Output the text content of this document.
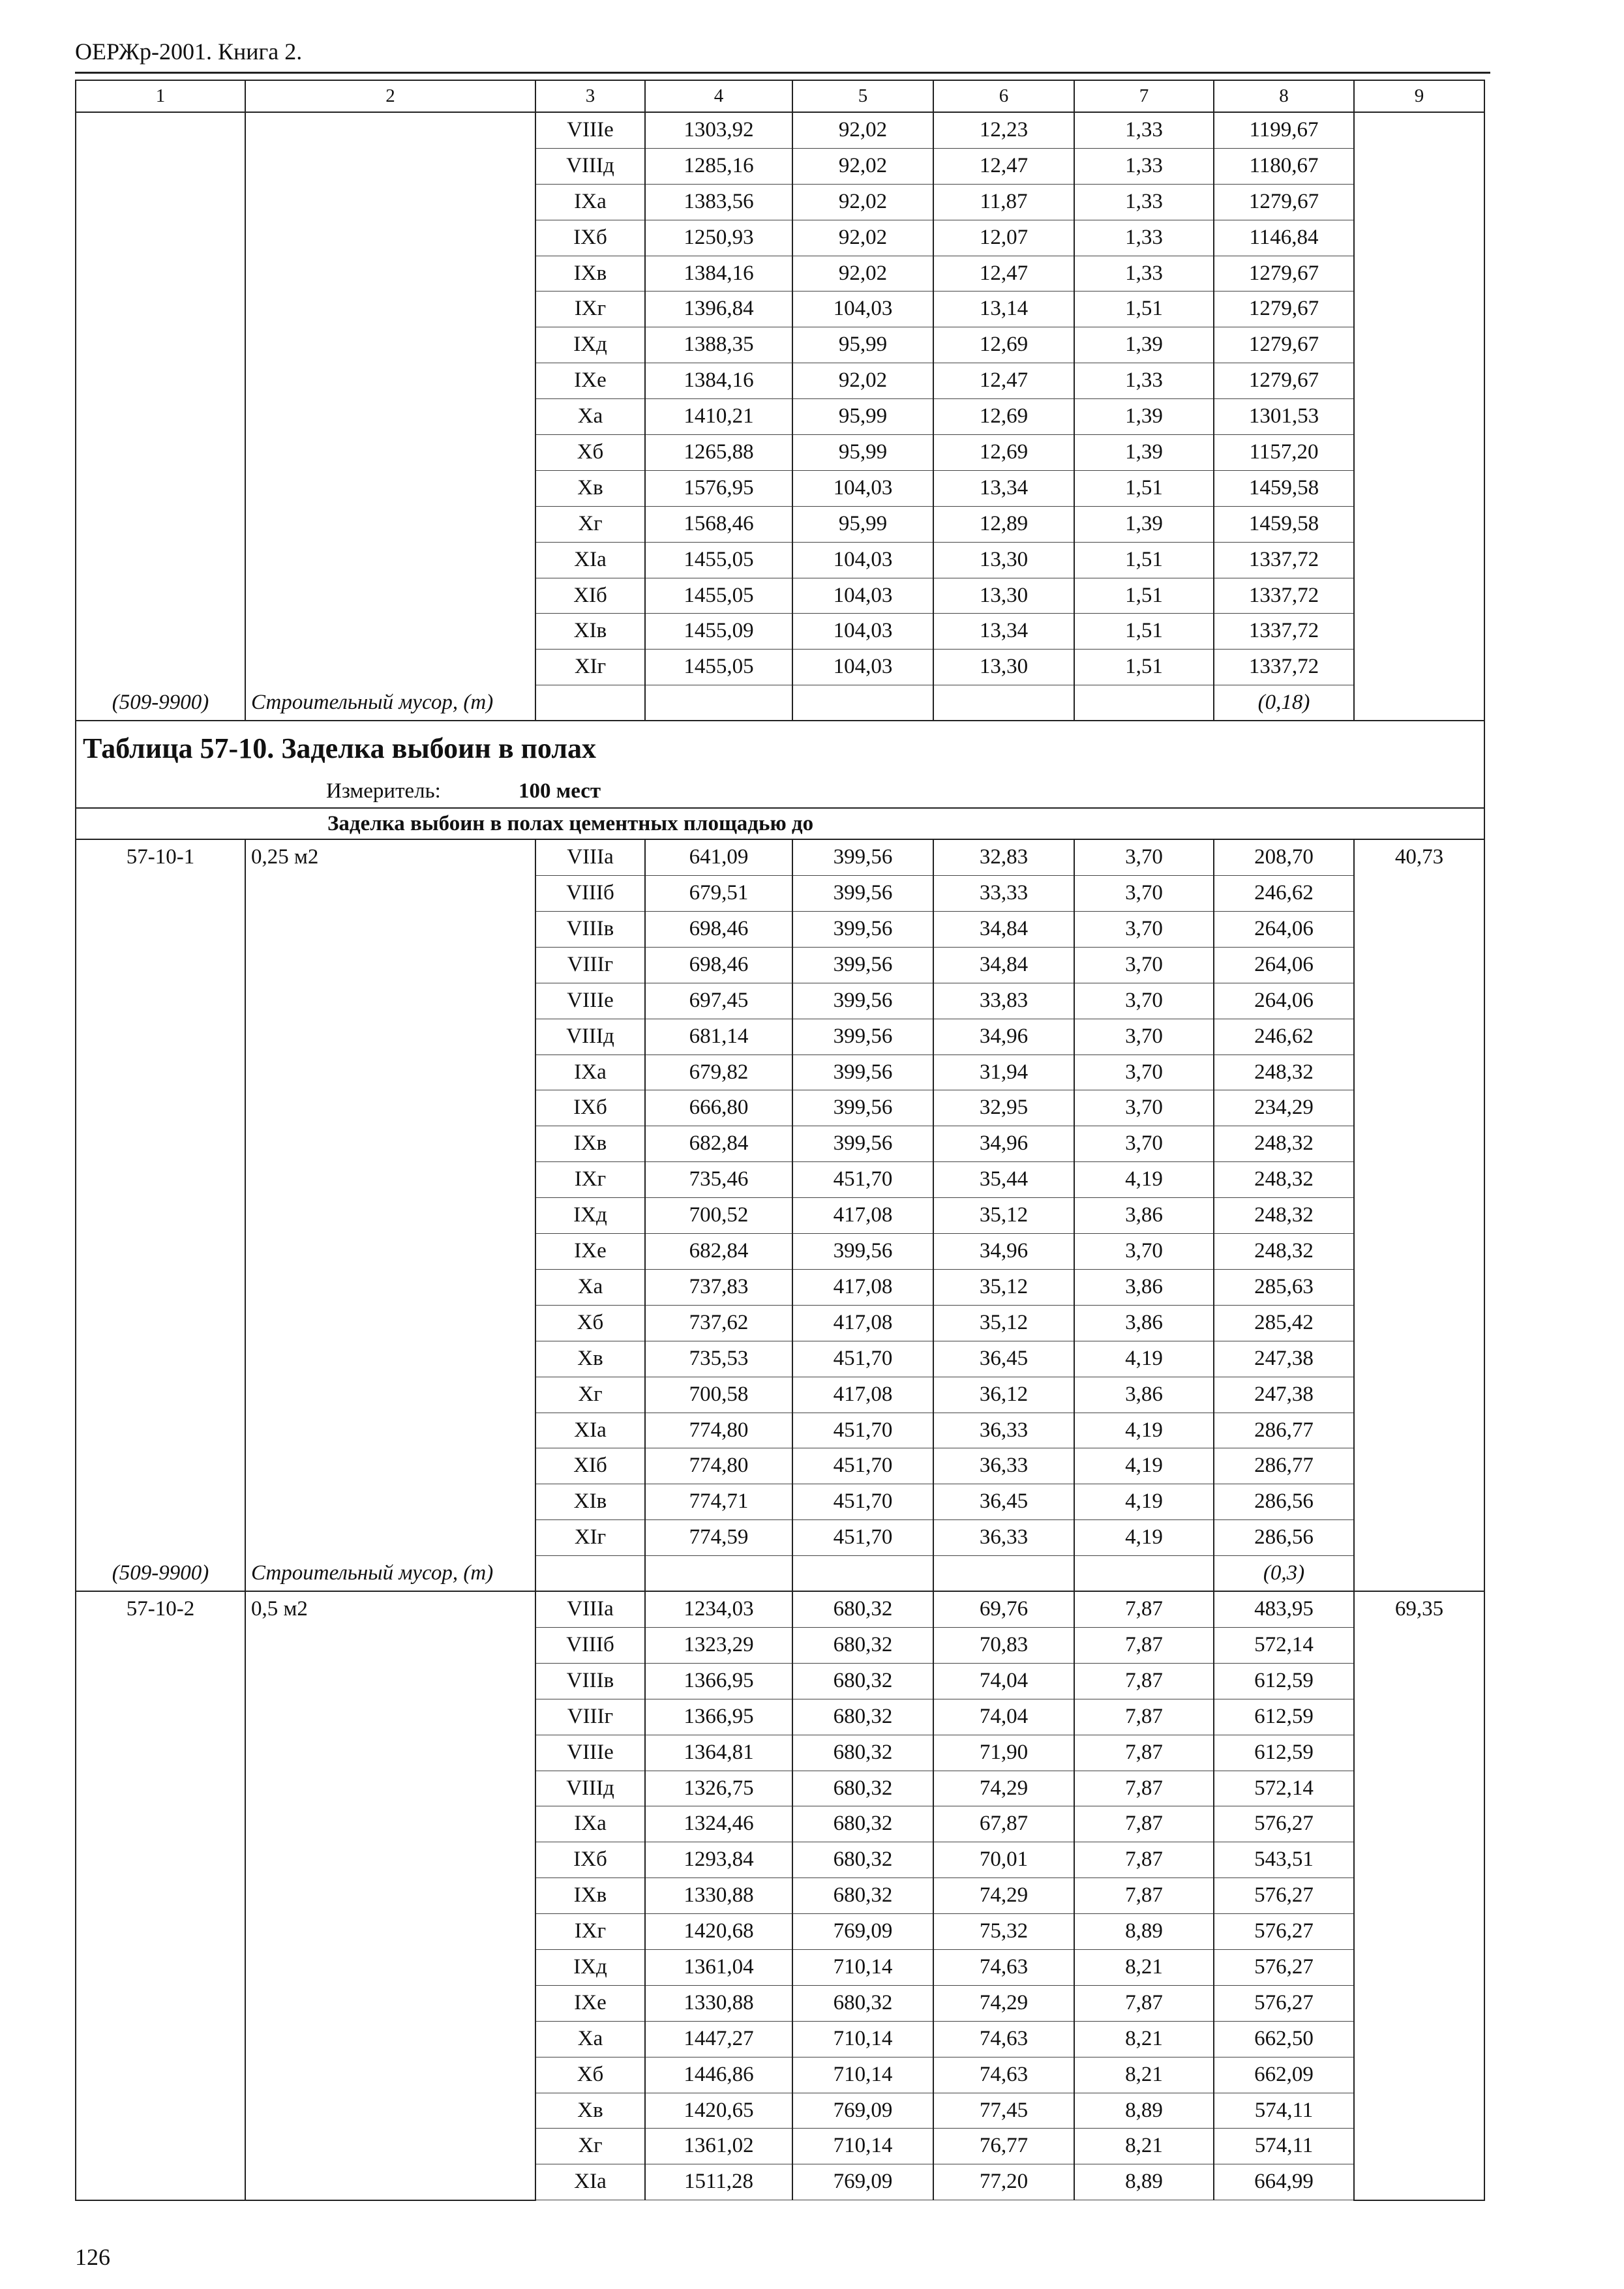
ОЕРЖр-2001. Книга 2.
1	2	3	4	5	6	7	8	9
		VIIIе	1303,92	92,02	12,23	1,33	1199,67	
		VIIIд	1285,16	92,02	12,47	1,33	1180,67	
		IXа	1383,56	92,02	11,87	1,33	1279,67	
		IXб	1250,93	92,02	12,07	1,33	1146,84	
		IXв	1384,16	92,02	12,47	1,33	1279,67	
		IXг	1396,84	104,03	13,14	1,51	1279,67	
		IXд	1388,35	95,99	12,69	1,39	1279,67	
		IXе	1384,16	92,02	12,47	1,33	1279,67	
		Xа	1410,21	95,99	12,69	1,39	1301,53	
		Xб	1265,88	95,99	12,69	1,39	1157,20	
		Xв	1576,95	104,03	13,34	1,51	1459,58	
		Xг	1568,46	95,99	12,89	1,39	1459,58	
		XIа	1455,05	104,03	13,30	1,51	1337,72	
		XIб	1455,05	104,03	13,30	1,51	1337,72	
		XIв	1455,09	104,03	13,34	1,51	1337,72	
		XIг	1455,05	104,03	13,30	1,51	1337,72	
(509-9900)	Строительный мусор, (т)						(0,18)	
Таблица 57-10. Заделка выбоин в полах								
Измеритель: 100 мест								
Заделка выбоин в полах цементных площадью до								
57-10-1	0,25 м2	VIIIа	641,09	399,56	32,83	3,70	208,70	40,73
		VIIIб	679,51	399,56	33,33	3,70	246,62	
		VIIIв	698,46	399,56	34,84	3,70	264,06	
		VIIIг	698,46	399,56	34,84	3,70	264,06	
		VIIIе	697,45	399,56	33,83	3,70	264,06	
		VIIIд	681,14	399,56	34,96	3,70	246,62	
		IXа	679,82	399,56	31,94	3,70	248,32	
		IXб	666,80	399,56	32,95	3,70	234,29	
		IXв	682,84	399,56	34,96	3,70	248,32	
		IXг	735,46	451,70	35,44	4,19	248,32	
		IXд	700,52	417,08	35,12	3,86	248,32	
		IXе	682,84	399,56	34,96	3,70	248,32	
		Xа	737,83	417,08	35,12	3,86	285,63	
		Xб	737,62	417,08	35,12	3,86	285,42	
		Xв	735,53	451,70	36,45	4,19	247,38	
		Xг	700,58	417,08	36,12	3,86	247,38	
		XIа	774,80	451,70	36,33	4,19	286,77	
		XIб	774,80	451,70	36,33	4,19	286,77	
		XIв	774,71	451,70	36,45	4,19	286,56	
		XIг	774,59	451,70	36,33	4,19	286,56	
(509-9900)	Строительный мусор, (т)						(0,3)	
57-10-2	0,5 м2	VIIIа	1234,03	680,32	69,76	7,87	483,95	69,35
		VIIIб	1323,29	680,32	70,83	7,87	572,14	
		VIIIв	1366,95	680,32	74,04	7,87	612,59	
		VIIIг	1366,95	680,32	74,04	7,87	612,59	
		VIIIе	1364,81	680,32	71,90	7,87	612,59	
		VIIIд	1326,75	680,32	74,29	7,87	572,14	
		IXа	1324,46	680,32	67,87	7,87	576,27	
		IXб	1293,84	680,32	70,01	7,87	543,51	
		IXв	1330,88	680,32	74,29	7,87	576,27	
		IXг	1420,68	769,09	75,32	8,89	576,27	
		IXд	1361,04	710,14	74,63	8,21	576,27	
		IXе	1330,88	680,32	74,29	7,87	576,27	
		Xа	1447,27	710,14	74,63	8,21	662,50	
		Xб	1446,86	710,14	74,63	8,21	662,09	
		Xв	1420,65	769,09	77,45	8,89	574,11	
		Xг	1361,02	710,14	76,77	8,21	574,11	
		XIа	1511,28	769,09	77,20	8,89	664,99	
126
